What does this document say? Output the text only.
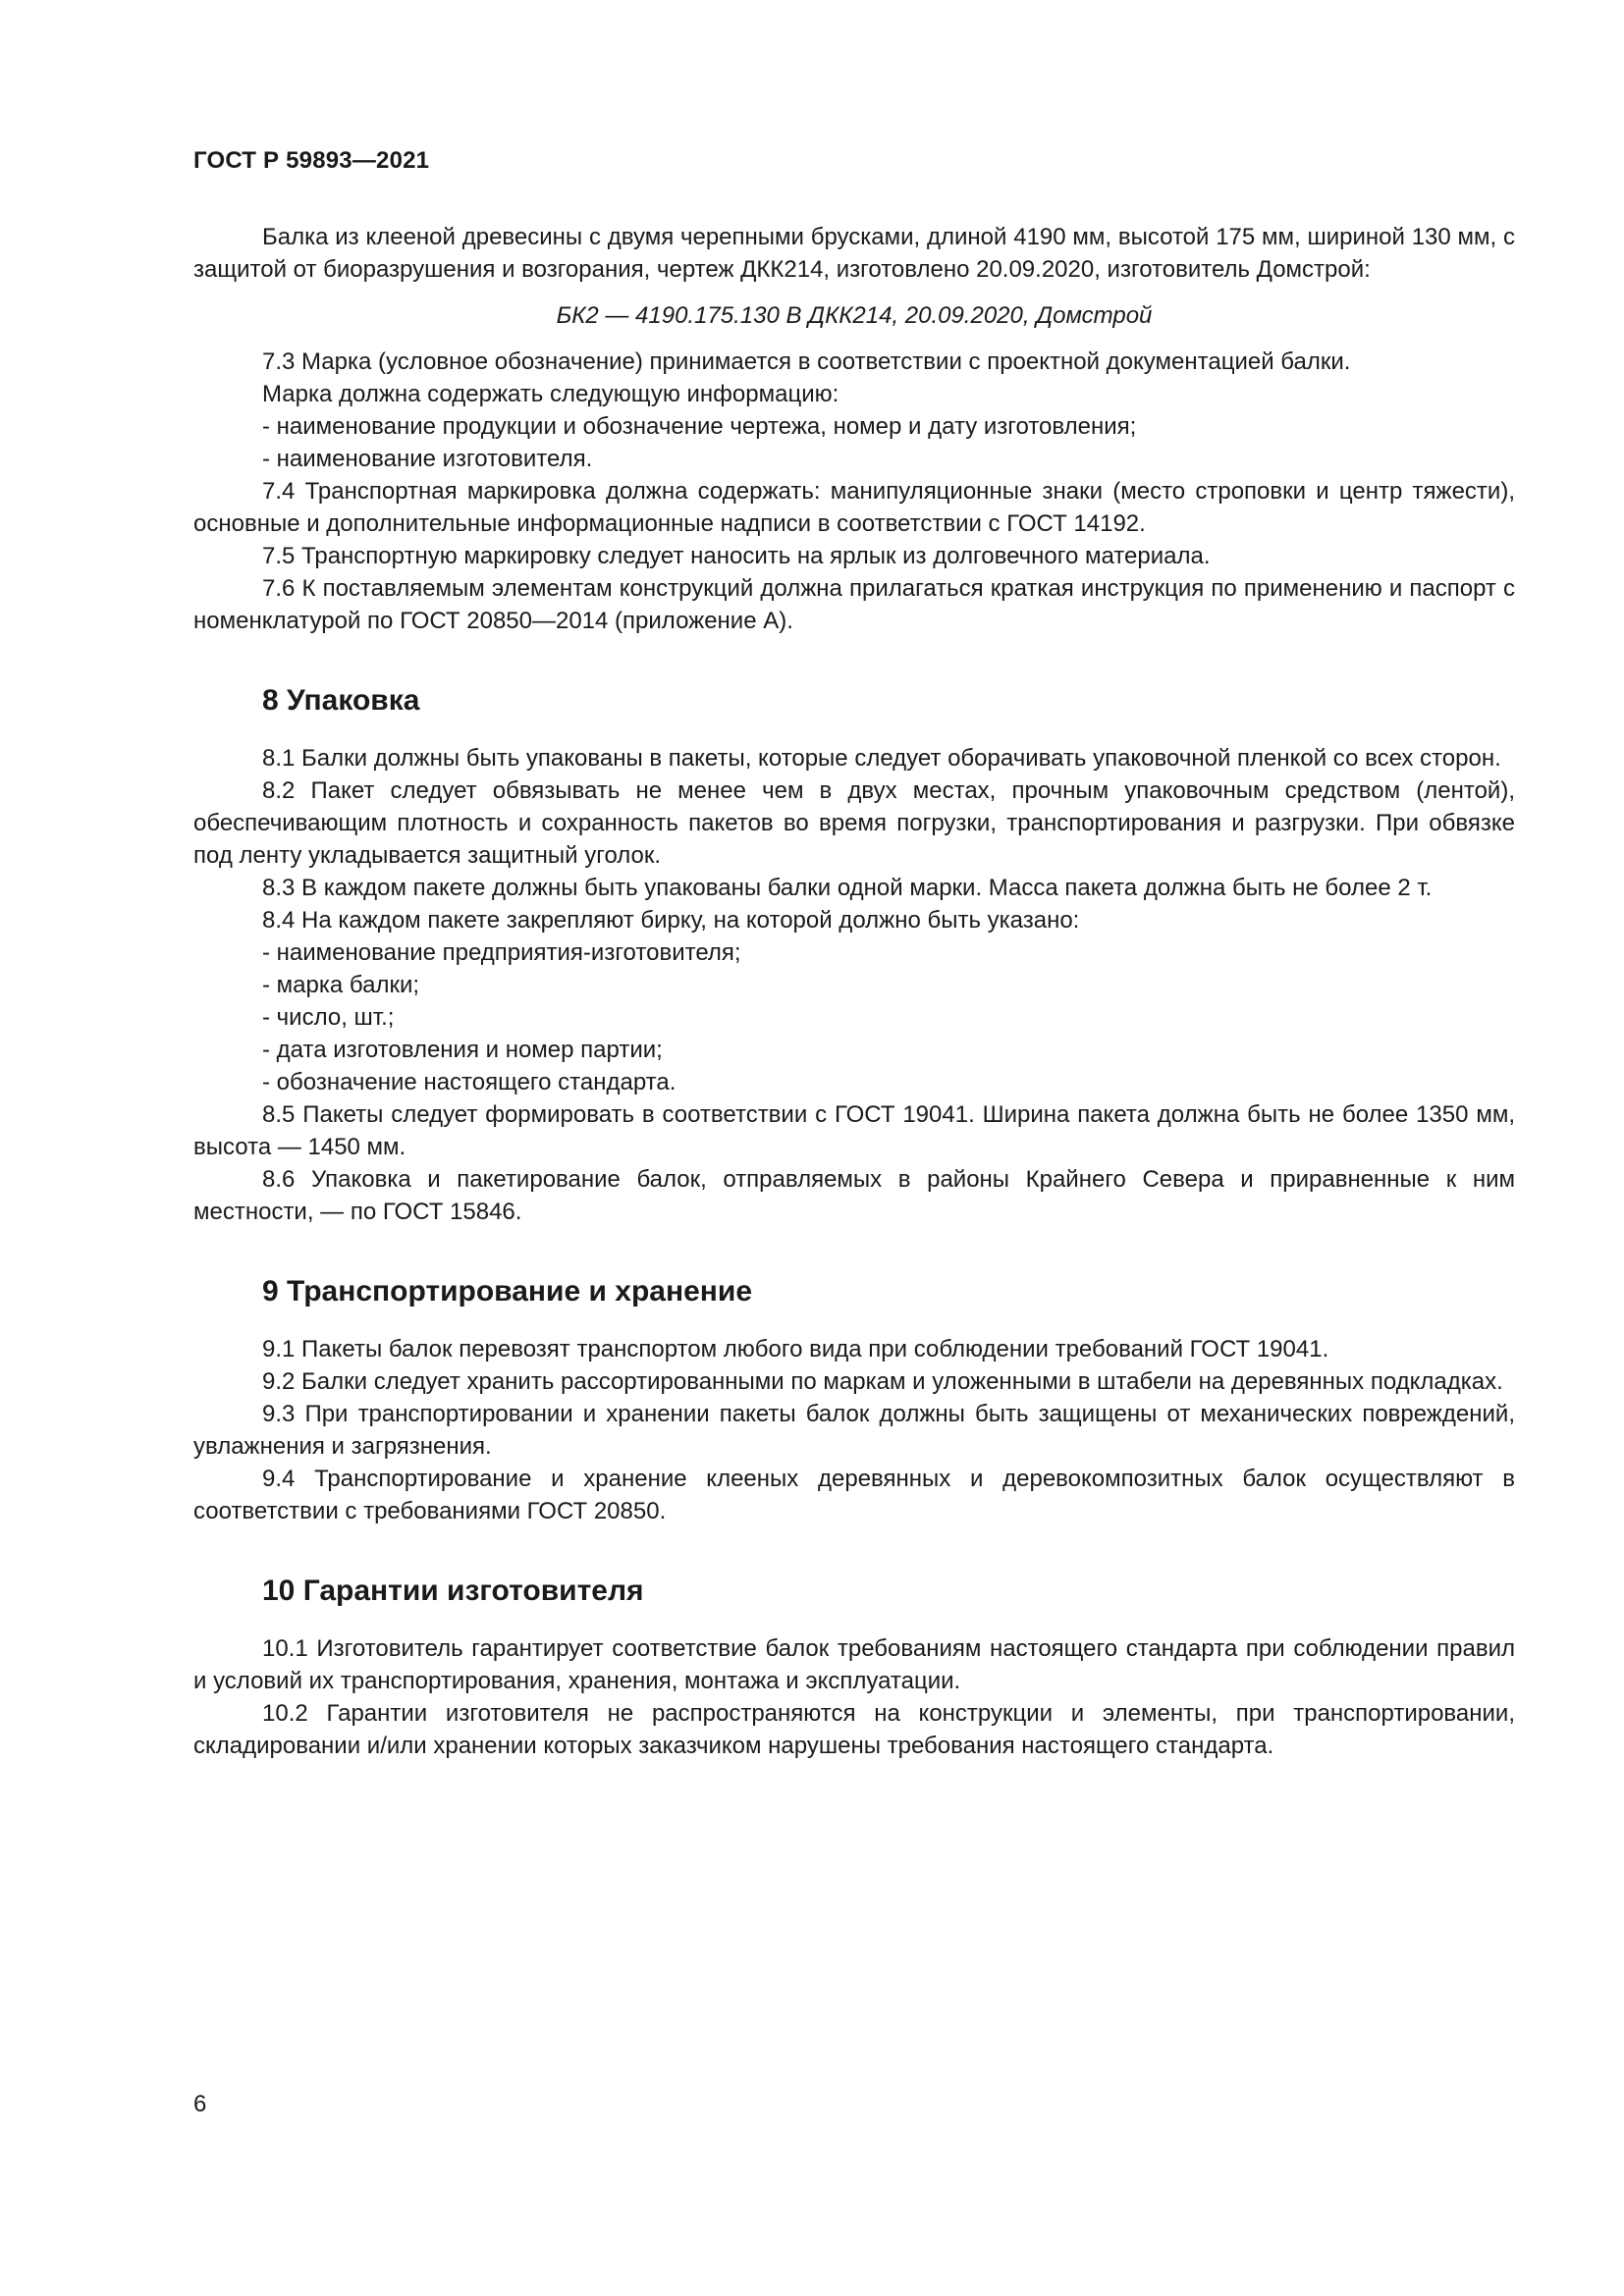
ГОСТ Р 59893—2021

Балка из клееной древесины с двумя черепными брусками, длиной 4190 мм, высотой 175 мм, шириной 130 мм, с защитой от биоразрушения и возгорания, чертеж ДКК214, изготовлено 20.09.2020, изготовитель Домстрой:

БК2 — 4190.175.130 В ДКК214, 20.09.2020, Домстрой

7.3 Марка (условное обозначение) принимается в соответствии с проектной документацией балки.

Марка должна содержать следующую информацию:

- наименование продукции и обозначение чертежа, номер и дату изготовления;

- наименование изготовителя.

7.4 Транспортная маркировка должна содержать: манипуляционные знаки (место строповки и центр тяжести), основные и дополнительные информационные надписи в соответствии с ГОСТ 14192.

7.5 Транспортную маркировку следует наносить на ярлык из долговечного материала.

7.6 К поставляемым элементам конструкций должна прилагаться краткая инструкция по применению и паспорт с номенклатурой по ГОСТ 20850—2014 (приложение А).

8 Упаковка

8.1 Балки должны быть упакованы в пакеты, которые следует оборачивать упаковочной пленкой со всех сторон.

8.2 Пакет следует обвязывать не менее чем в двух местах, прочным упаковочным средством (лентой), обеспечивающим плотность и сохранность пакетов во время погрузки, транспортирования и разгрузки. При обвязке под ленту укладывается защитный уголок.

8.3 В каждом пакете должны быть упакованы балки одной марки. Масса пакета должна быть не более 2 т.

8.4 На каждом пакете закрепляют бирку, на которой должно быть указано:

- наименование предприятия-изготовителя;

- марка балки;

- число, шт.;

- дата изготовления и номер партии;

- обозначение настоящего стандарта.

8.5 Пакеты следует формировать в соответствии с ГОСТ 19041. Ширина пакета должна быть не более 1350 мм, высота — 1450 мм.

8.6 Упаковка и пакетирование балок, отправляемых в районы Крайнего Севера и приравненные к ним местности, — по ГОСТ 15846.

9 Транспортирование и хранение

9.1 Пакеты балок перевозят транспортом любого вида при соблюдении требований ГОСТ 19041.

9.2 Балки следует хранить рассортированными по маркам и уложенными в штабели на деревянных подкладках.

9.3 При транспортировании и хранении пакеты балок должны быть защищены от механических повреждений, увлажнения и загрязнения.

9.4 Транспортирование и хранение клееных деревянных и деревокомпозитных балок осуществляют в соответствии с требованиями ГОСТ 20850.

10 Гарантии изготовителя

10.1 Изготовитель гарантирует соответствие балок требованиям настоящего стандарта при соблюдении правил и условий их транспортирования, хранения, монтажа и эксплуатации.

10.2 Гарантии изготовителя не распространяются на конструкции и элементы, при транспортировании, складировании и/или хранении которых заказчиком нарушены требования настоящего стандарта.

6
